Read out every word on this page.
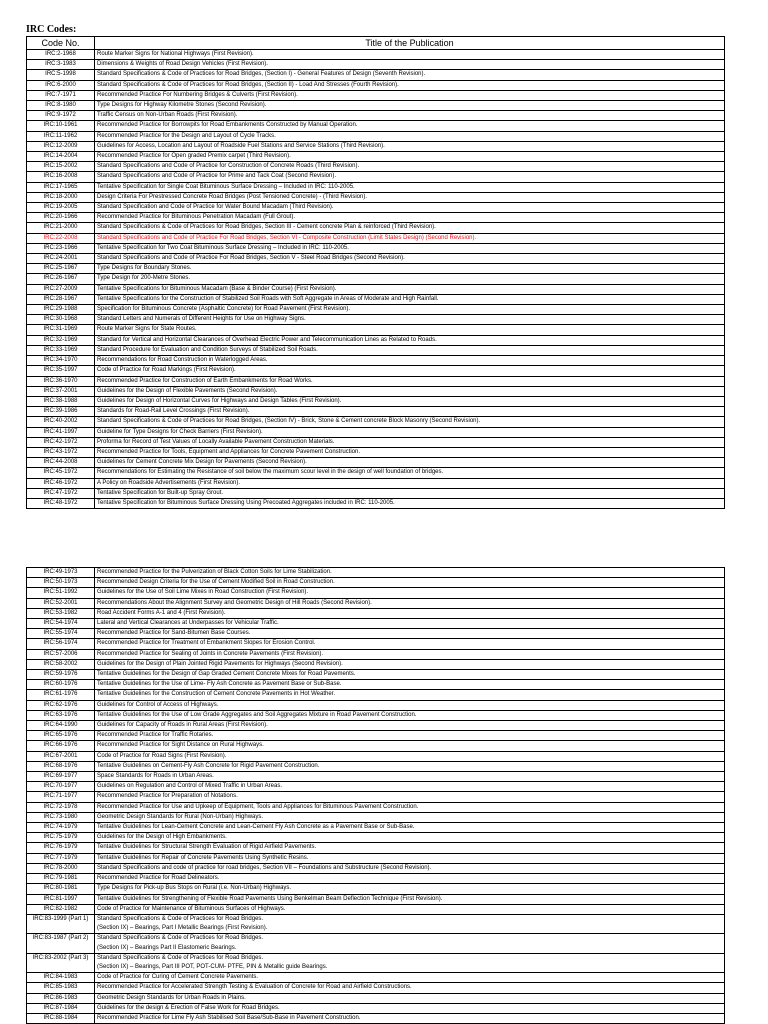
IRC Codes:
Code No.	Title of the Publication
IRC:2-1968	Route Marker Signs for National Highways (First Revision).
IRC:3-1983	Dimensions & Weights of Road Design Vehicles (First Revision).
IRC:5-1998	Standard Specifications & Code of Practices for Road Bridges, (Section I) - General Features of Design (Seventh Revision).
IRC:6-2000	Standard Specifications & Code of Practices for Road Bridges, (Section II) - Load And Stresses (Fourth Revision).
IRC:7-1971	Recommended Practice For Numbering Bridges & Culverts (First Revision).
IRC:8-1980	Type Designs for Highway Kilometre Stones (Second Revision).
IRC:9-1972	Traffic Census on Non-Urban Roads (First Revision).
IRC:10-1961	Recommended Practice for Borrowpits for Road Embankments Constructed by Manual Operation.
IRC:11-1962	Recommended Practice for the Design and Layout of Cycle Tracks.
IRC:12-2009	Guidelines for Access, Location and Layout of Roadside Fuel Stations and Service Stations (Third Revision).
IRC:14-2004	Recommended Practice for Open graded Premix carpet (Third Revision).
IRC:15-2002	Standard Specifications and Code of Practice for Construction of Concrete Roads (Third Revision).
IRC:16-2008	Standard Specifications and Code of Practice for Prime and Tack Coat (Second Revision).
IRC:17-1965	Tentative Specification for Single Coat Bituminous Surface Dressing – Included in IRC: 110-2005.
IRC:18-2000	Design Criteria For Prestressed Concrete Road Bridges (Post Tensioned Concrete) - (Third Revision).
IRC:19-2005	Standard Specification and Code of Practice for Water Bound Macadam (Third Revision).
IRC:20-1966	Recommended Practice for Bituminous Penetration Macadam (Full Grout).
IRC:21-2000	Standard Specifications & Code of Practices for Road Bridges, Section III - Cement concrete Plan & reinforced (Third Revision).
IRC:22-2008	Standard Specifications and Code of Practice For Road Bridges, Section VI - Composite Construction (Limit States Design) (Second Revision).
IRC:23-1966	Tentative Specification for Two Coat Bituminous Surface Dressing – Included in IRC: 110-2005.
IRC:24-2001	Standard Specifications and Code of Practice For Road Bridges, Section V - Steel Road Bridges (Second Revision).
IRC:25-1967	Type Designs for Boundary Stones.
IRC:26-1967	Type Design for 200-Metre Stones.
IRC:27-2009	Tentative Specifications for Bituminous Macadam (Base & Binder Course) (First Revision).
IRC:28-1967	Tentative Specifications for the Construction of Stabilized Soil Roads with Soft Aggregate in Areas of Moderate and High Rainfall.
IRC:29-1988	Specification for Bituminous Concrete (Asphaltic Concrete) for Road Pavement (First Revision).
IRC:30-1968	Standard Letters and Numerals of Different Heights for Use on Highway Signs.
IRC:31-1969	Route Marker Signs for State Routes.
IRC:32-1969	Standard for Vertical and Horizontal Clearances of Overhead Electric Power and Telecommunication Lines as Related to Roads.
IRC:33-1969	Standard Procedure for Evaluation and Condition Surveys of Stabilized Soil Roads.
IRC:34-1970	Recommendations for Road Construction in Waterlogged Areas.
IRC:35-1997	Code of Practice for Road Markings (First Revision).
IRC:36-1970	Recommended Practice for Construction of Earth Embankments for Road Works.
IRC:37-2001	Guidelines for the Design of Flexible Pavements (Second Revision).
IRC:38-1988	Guidelines for Design of Horizontal Curves for Highways and Design Tables (First Revision).
IRC:39-1986	Standards for Road-Rail Level Crossings (First Revision).
IRC:40-2002	Standard Specifications & Code of Practices for Road Bridges, (Section IV) - Brick, Stone & Cement concrete Block Masonry (Second Revision).
IRC:41-1997	Guideline for Type Designs for Check Barriers (First Revision).
IRC:42-1972	Proforma for Record of Test Values of Locally Available Pavement Construction Materials.
IRC:43-1972	Recommended Practice for Tools, Equipment and Appliances for Concrete Pavement Construction.
IRC:44-2008	Guidelines for Cement Concrete Mix Design for Pavements (Second Revision).
IRC:45-1972	Recommendations for Estimating the Resistance of soil below the maximum scour level in the design of well foundation of bridges.
IRC:46-1972	A Policy on Roadside Advertisements (First Revision).
IRC:47-1972	Tentative Specification for Built-up Spray Grout.
IRC:48-1972	Tentative Specification for Bituminous Surface Dressing Using Precoated Aggregates included in IRC: 110-2005.
IRC:49-1973	Recommended Practice for the Pulverization of Black Cotton Soils for Lime Stabilization.
IRC:50-1973	Recommended Design Criteria for the Use of Cement Modified Soil in Road Construction.
IRC:51-1992	Guidelines for the Use of Soil Lime Mixes in Road Construction (First Revision).
IRC:52-2001	Recommendations About the Alignment Survey and Geometric Design of Hill Roads (Second Revision).
IRC:53-1982	Road Accident Forms A-1 and 4 (First Revision).
IRC:54-1974	Lateral and Vertical Clearances at Underpasses for Vehicular Traffic.
IRC:55-1974	Recommended Practice for Sand-Bitumen Base Courses.
IRC:56-1974	Recommended Practice for Treatment of Embankment Slopes for Erosion Control.
IRC:57-2006	Recommended Practice for Sealing of Joints in Concrete Pavements (First Revision).
IRC:58-2002	Guidelines for the Design of Plain Jointed Rigid Pavements for Highways (Second Revision).
IRC:59-1976	Tentative Guidelines for the Design of Gap Graded Cement Concrete Mixes for Road Pavements.
IRC:60-1976	Tentative Guidelines for the Use of Lime- Fly Ash Concrete as Pavement Base or Sub-Base.
IRC:61-1976	Tentative Guidelines for the Construction of Cement Concrete Pavements in Hot Weather.
IRC:62-1976	Guidelines for Control of Access of Highways.
IRC:63-1976	Tentative Guidelines for the Use of Low Grade Aggregates and Soil Aggregates Mixture in Road Pavement Construction.
IRC:64-1990	Guidelines for Capacity of Roads in Rural Areas (First Revision).
IRC:65-1976	Recommended Practice for Traffic Rotaries.
IRC:66-1976	Recommended Practice for Sight Distance on Rural Highways.
IRC:67-2001	Code of Practice for Road Signs (First Revision).
IRC:68-1976	Tentative Guidelines on Cement-Fly Ash Concrete for Rigid Pavement Construction.
IRC:69-1977	Space Standards for Roads in Urban Areas.
IRC:70-1977	Guidelines on Regulation and Control of Mixed Traffic in Urban Areas.
IRC:71-1977	Recommended Practice for Preparation of Notations.
IRC:72-1978	Recommended Practice for Use and Upkeep of Equipment, Tools and Appliances for Bituminous Pavement Construction.
IRC:73-1980	Geometric Design Standards for Rural (Non-Urban) Highways.
IRC:74-1979	Tentative Guidelines for Lean-Cement Concrete and Lean-Cement Fly Ash Concrete as a Pavement Base or Sub-Base.
IRC:75-1979	Guidelines for the Design of High Embankments.
IRC:76-1979	Tentative Guidelines for Structural Strength Evaluation of Rigid Airfield Pavements.
IRC:77-1979	Tentative Guidelines for Repair of Concrete Pavements Using Synthetic Resins.
IRC:78-2000	Standard Specifications and code of practice for road bridges, Section VII – Foundations and Substructure (Second Revision).
IRC:79-1981	Recommended Practice for Road Delineators.
IRC:80-1981	Type Designs for Pick-up Bus Stops on Rural (i.e. Non-Urban) Highways.
IRC:81-1997	Tentative Guidelines for Strengthening of Flexible Road Pavements Using Benkelman Beam Deflection Technique (First Revision).
IRC:82-1982	Code of Practice for Maintenance of Bituminous Surfaces of Highways.
IRC:83-1999 (Part 1)	Standard Specifications & Code of Practices for Road Bridges.
(Section IX) – Bearings, Part I Metallic Bearings (First Revision).

IRC:83-1987 (Part 2)	Standard Specifications & Code of Practices for Road Bridges.
(Section IX) – Bearings Part II Elastomeric Bearings.

IRC:83-2002 (Part 3)	Standard Specifications & Code of Practices for Road Bridges.
(Section IX) – Bearings, Part III POT, POT-CUM- PTFE, PIN & Metallic guide Bearings.

IRC:84-1983	Code of Practice for Curing of Cement Concrete Pavements.
IRC:85-1983	Recommended Practice for Accelerated Strength Testing & Evaluation of Concrete for Road and Airfield Constructions.
IRC:86-1983	Geometric Design Standards for Urban Roads in Plains.
IRC:87-1984	Guidelines for the design & Erection of False Work for Road Bridges.
IRC:88-1984	Recommended Practice for Lime Fly Ash Stabilised Soil Base/Sub-Base in Pavement Construction.
